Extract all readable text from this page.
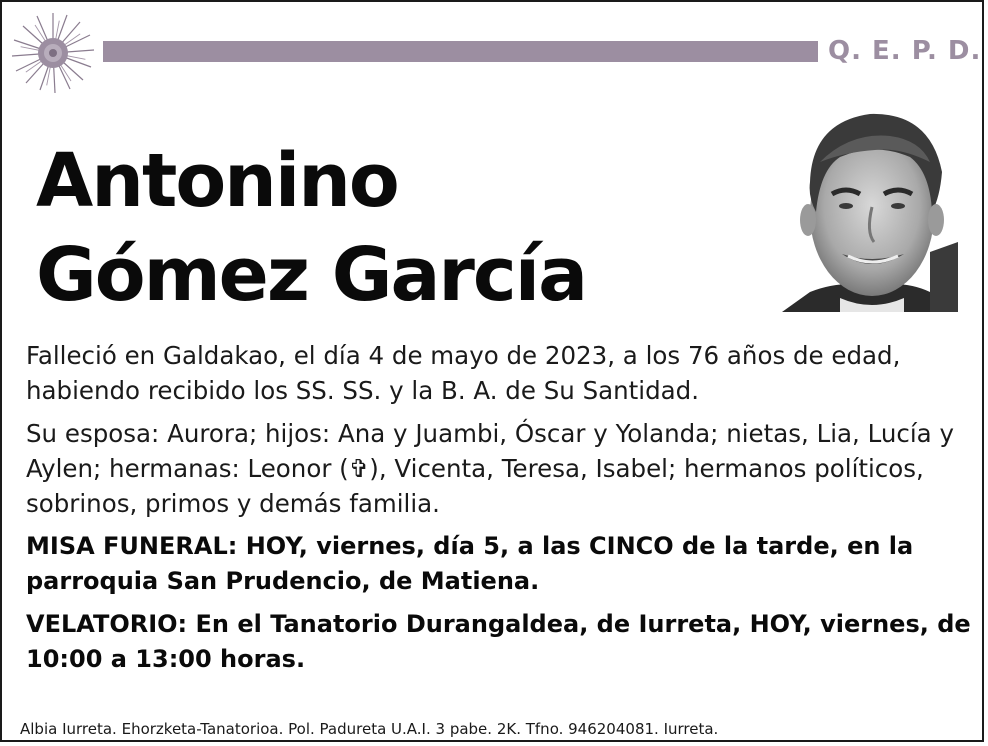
Q. E. P. D.
Antonino
Gómez García

Falleció en Galdakao, el día 4 de mayo de 2023, a los 76 años de edad, habiendo recibido los SS. SS. y la B. A. de Su Santidad.

Su esposa: Aurora; hijos: Ana y Juambi, Óscar y Yolanda; nietas, Lia, Lucía y Aylen; hermanas: Leonor (✞), Vicenta, Teresa, Isabel; hermanos políticos, sobrinos, primos y demás familia.

MISA FUNERAL: HOY, viernes, día 5, a las CINCO de la tarde, en la parroquia San Prudencio, de Matiena.

VELATORIO: En el Tanatorio Durangaldea, de Iurreta, HOY, viernes, de 10:00 a 13:00 horas.

Albia Iurreta. Ehorzketa-Tanatorioa. Pol. Padureta U.A.I. 3 pabe. 2K. Tfno. 946204081. Iurreta.
